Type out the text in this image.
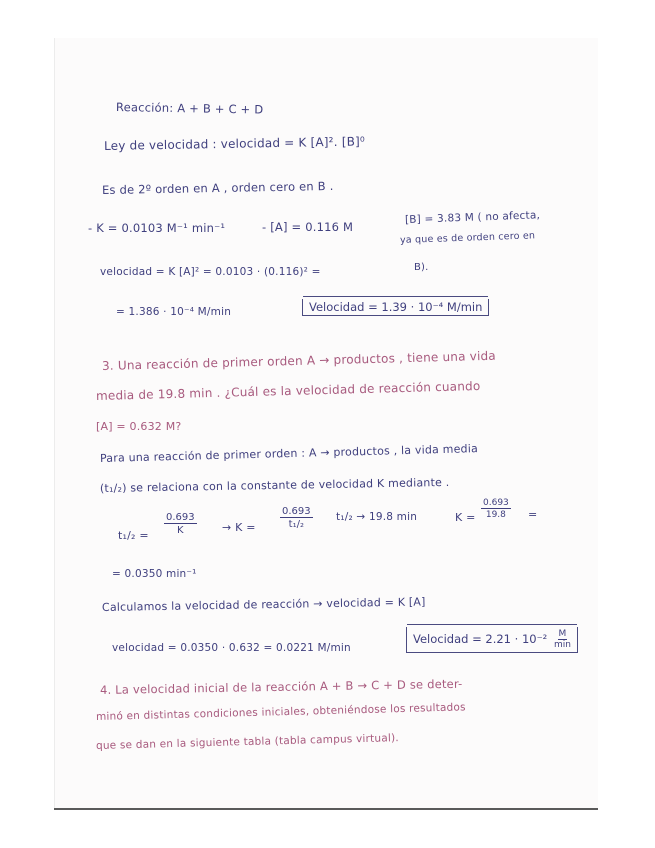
Reacción: A + B + C + D
Ley de velocidad : velocidad = K [A]². [B]⁰
Es de 2º orden en A , orden cero en B .
- K = 0.0103 M⁻¹ min⁻¹	- [A] = 0.116 M
[B] = 3.83 M ( no afecta,
ya que es de orden cero en
B).
velocidad = K [A]² = 0.0103 · (0.116)² =
= 1.386 · 10⁻⁴ M/min	Velocidad = 1.39 · 10⁻⁴ M/min
3. Una reacción de primer orden A → productos , tiene una vida
media de 19.8 min . ¿Cuál es la velocidad de reacción cuando
[A] = 0.632 M?
Para una reacción de primer orden : A → productos , la vida media
(t₁/₂) se relaciona con la constante de velocidad K mediante .
$t_1/_2 = \frac{0.693}{K} \to K = \frac{0.693}{\text{t₁/₂}} t_1/_2 \to 19.8$ min	$K = \frac{0.693}{19.8}$ =
= 0.0350 min⁻¹
Calculamos la velocidad de reacción → velocidad = K [A]
velocidad = 0.0350 · 0.632 = 0.0221 M/min
Velocidad = 2.21 · 10⁻² M
min
4. La velocidad inicial de la reacción A + B → C + D se deter-
minó en distintas condiciones iniciales, obteniéndose los resultados
que se dan en la siguiente tabla (tabla campus virtual).
